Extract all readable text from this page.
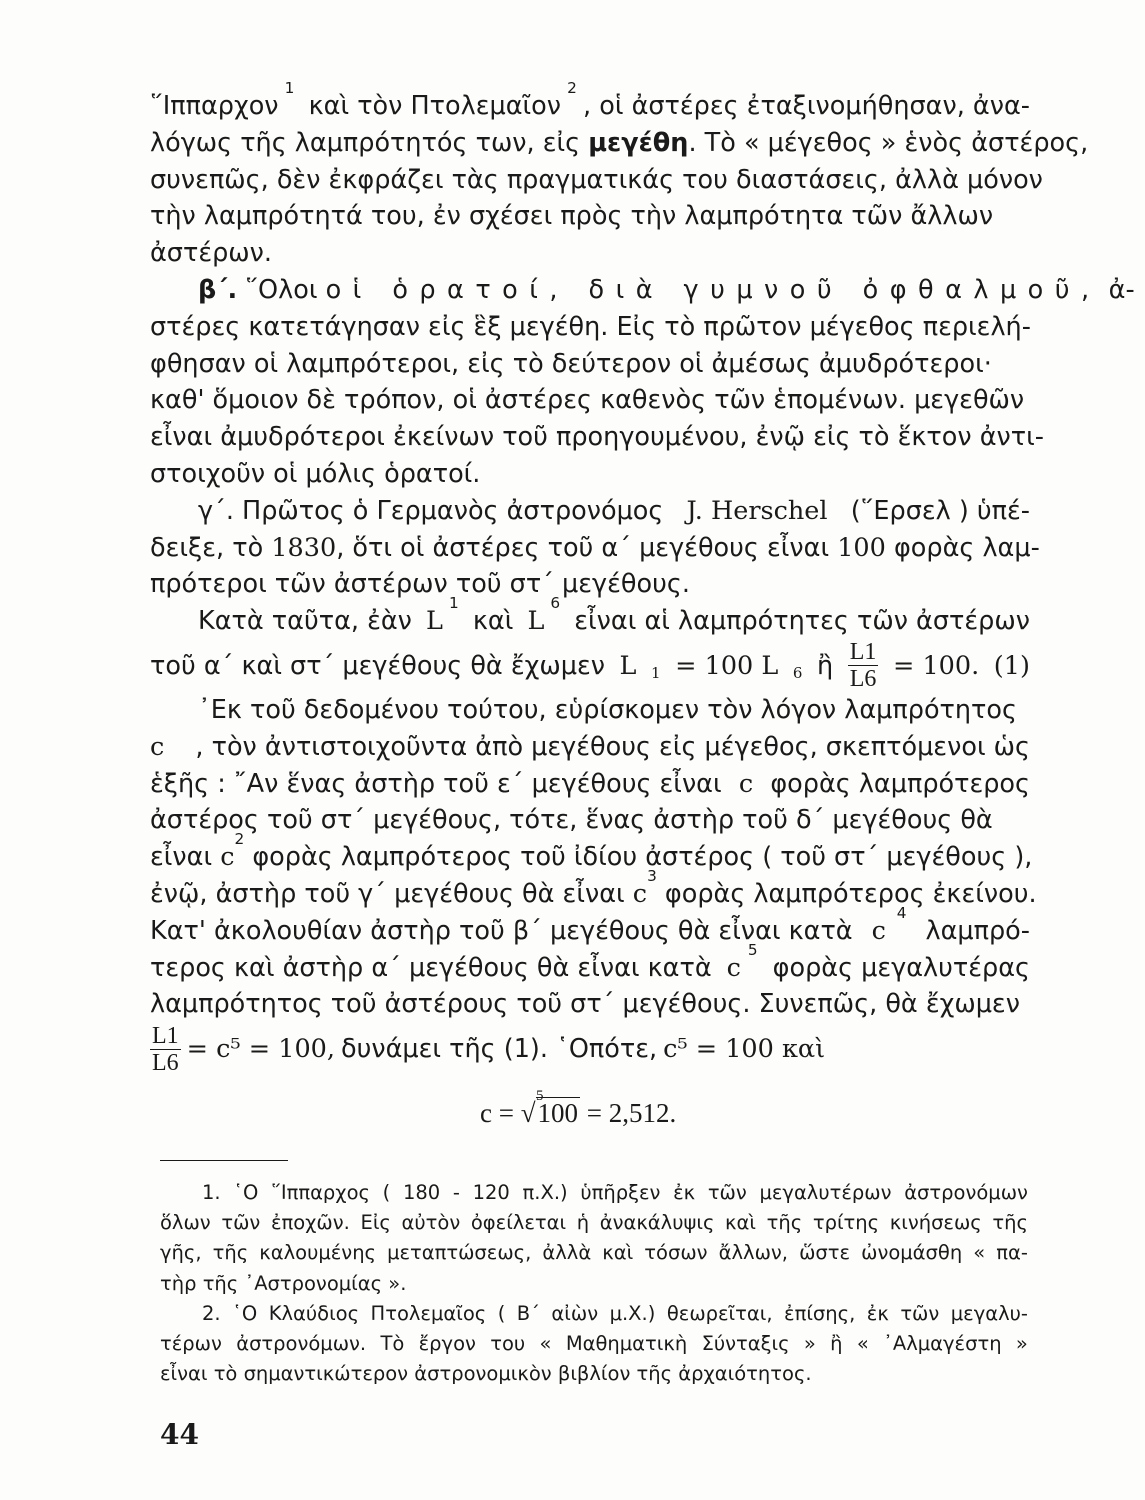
῞Ιππαρχον
1
καὶ τὸν Πτολεμαῖον
2
, οἱ ἀστέρες ἐταξινομήθησαν, ἀνα-
λόγως τῆς λαμπρότητός των, εἰς μεγέθη . Τὸ « μέγεθος » ἑνὸς ἀστέρος,
συνεπῶς, δὲν ἐκφράζει τὰς πραγματικάς του διαστάσεις, ἀλλὰ μόνον
τὴν λαμπρότητά του, ἐν σχέσει πρὸς τὴν λαμπρότητα τῶν ἄλλων
ἀστέρων.
β΄. ῞Ολοι οἱ ὁρατοί, διὰ γυμνοῦ ὀφθαλμοῦ, ἀ-
στέρες κατετάγησαν εἰς ἓξ μεγέθη. Εἰς τὸ πρῶτον μέγεθος περιελή-
φθησαν οἱ λαμπρότεροι, εἰς τὸ δεύτερον οἱ ἀμέσως ἀμυδρότεροι·
καθ' ὅμοιον δὲ τρόπον, οἱ ἀστέρες καθενὸς τῶν ἑπομένων. μεγεθῶν
εἶναι ἀμυδρότεροι ἐκείνων τοῦ προηγουμένου, ἐνῷ εἰς τὸ ἕκτον ἀντι-
στοιχοῦν οἱ μόλις ὁρατοί.
γ΄. Πρῶτος ὁ Γερμανὸς ἀστρονόμος J. Herschel (῞Ερσελ ) ὑπέ-
δειξε, τὸ 1830 , ὅτι οἱ ἀστέρες τοῦ α΄ μεγέθους εἶναι 100 φορὰς λαμ-
πρότεροι τῶν ἀστέρων τοῦ στ΄ μεγέθους.
Κατὰ ταῦτα, ἐὰν L
1
καὶ L
6
εἶναι αἱ λαμπρότητες τῶν ἀστέρων
τοῦ α΄ καὶ στ΄ μεγέθους θὰ ἔχωμεν L 1 = 100 L 6 ἢ $\frac{L1}{L6} = 100$. (1)
᾿Εκ τοῦ δεδομένου τούτου, εὑρίσκομεν τὸν λόγον λαμπρότητος
c , τὸν ἀντιστοιχοῦντα ἀπὸ μεγέθους εἰς μέγεθος, σκεπτόμενοι ὡς
ἑξῆς : ῎Αν ἕνας ἀστὴρ τοῦ ε΄ μεγέθους εἶναι c φορὰς λαμπρότερος
ἀστέρος τοῦ στ΄ μεγέθους, τότε, ἕνας ἀστὴρ τοῦ δ΄ μεγέθους θὰ
εἶναι c
2
φορὰς λαμπρότερος τοῦ ἰδίου ἀστέρος ( τοῦ στ΄ μεγέθους ),
ἐνῷ, ἀστὴρ τοῦ γ΄ μεγέθους θὰ εἶναι c
3
φορὰς λαμπρότερος ἐκείνου.
Κατ' ἀκολουθίαν ἀστὴρ τοῦ β΄ μεγέθους θὰ εἶναι κατὰ c
4
λαμπρό-
τερος καὶ ἀστὴρ α΄ μεγέθους θὰ εἶναι κατὰ c
5
φορὰς μεγαλυτέρας
λαμπρότητος τοῦ ἀστέρους τοῦ στ΄ μεγέθους. Συνεπῶς, θὰ ἔχωμεν
$\frac{L1}{L6} = c^5 = 100$, δυνάμει τῆς (1). ῾Οπότε, c⁵ = 100 καὶ
c =
5
√100 = 2,512.
1. ῾Ο ῞Ιππαρχος ( 180 - 120 π.Χ.) ὑπῆρξεν ἐκ τῶν μεγαλυτέρων ἀστρονόμων
ὅλων τῶν ἐποχῶν. Εἰς αὐτὸν ὀφείλεται ἡ ἀνακάλυψις καὶ τῆς τρίτης κινήσεως τῆς
γῆς, τῆς καλουμένης μεταπτώσεως, ἀλλὰ καὶ τόσων ἄλλων, ὥστε ὠνομάσθη « πα-
τὴρ τῆς ᾿Αστρονομίας ».
2. ῾Ο Κλαύδιος Πτολεμαῖος ( Β΄ αἰὼν μ.Χ.) θεωρεῖται, ἐπίσης, ἐκ τῶν μεγαλυ-
τέρων ἀστρονόμων. Τὸ ἔργον του « Μαθηματικὴ Σύνταξις » ἢ « ᾿Αλμαγέστη »
εἶναι τὸ σημαντικώτερον ἀστρονομικὸν βιβλίον τῆς ἀρχαιότητος.
44
